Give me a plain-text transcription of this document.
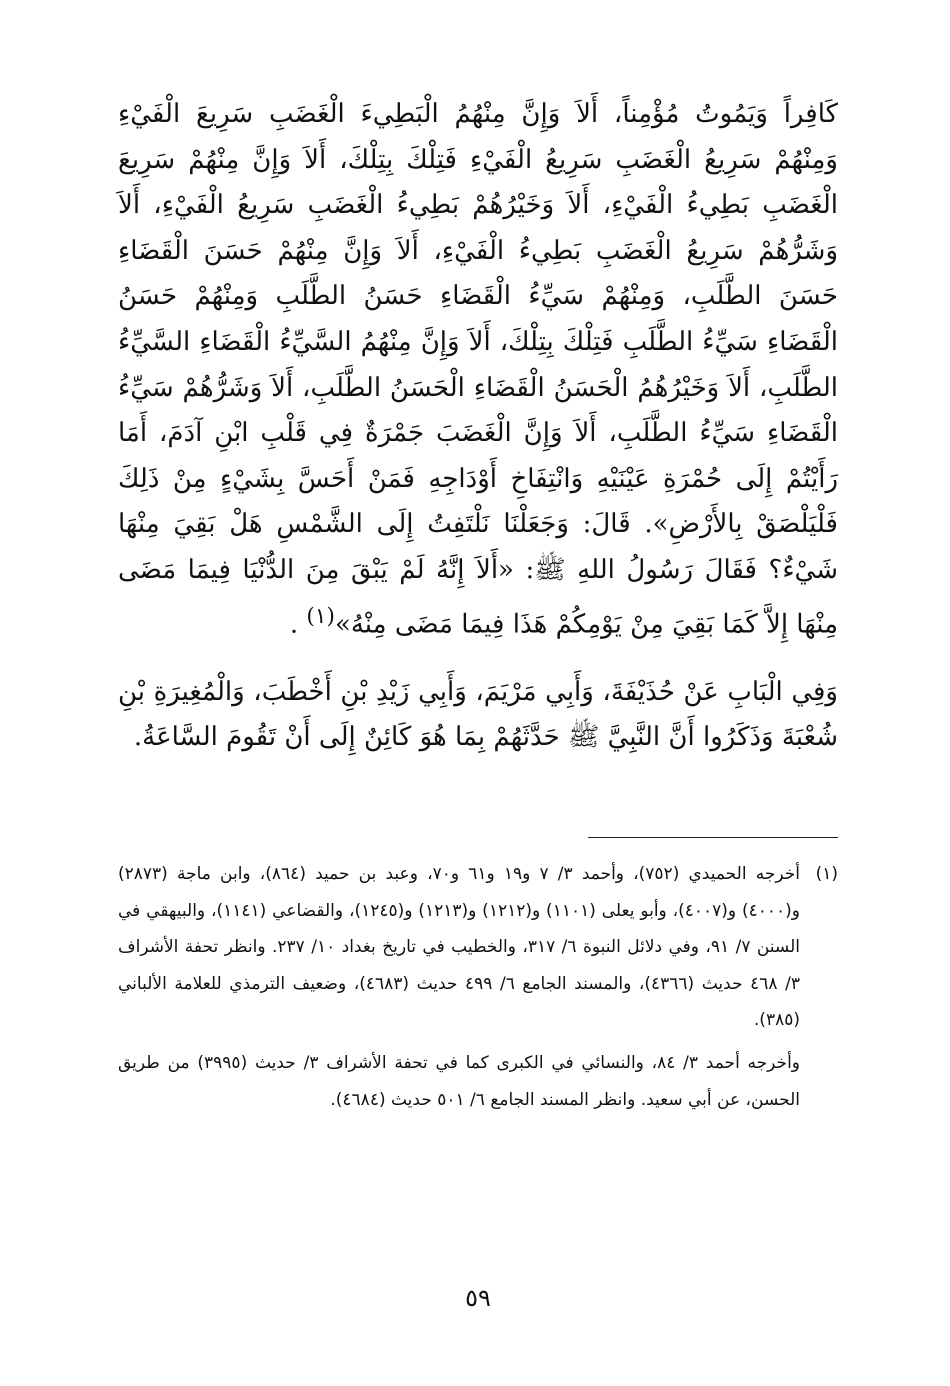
كَافِراً وَيَمُوتُ مُؤْمِناً، أَلاَ وَإِنَّ مِنْهُمُ الْبَطِيءَ الْغَضَبِ سَرِيعَ الْفَيْءِ وَمِنْهُمْ سَرِيعُ الْغَضَبِ سَرِيعُ الْفَيْءِ فَتِلْكَ بِتِلْكَ، أَلاَ وَإِنَّ مِنْهُمْ سَرِيعَ الْغَضَبِ بَطِيءُ الْفَيْءِ، أَلاَ وَخَيْرُهُمْ بَطِيءُ الْغَضَبِ سَرِيعُ الْفَيْءِ، أَلاَ وَشَرُّهُمْ سَرِيعُ الْغَضَبِ بَطِيءُ الْفَيْءِ، أَلاَ وَإِنَّ مِنْهُمْ حَسَنَ الْقَضَاءِ حَسَنَ الطَّلَبِ، وَمِنْهُمْ سَيِّءُ الْقَضَاءِ حَسَنُ الطَّلَبِ وَمِنْهُمْ حَسَنُ الْقَضَاءِ سَيِّءُ الطَّلَبِ فَتِلْكَ بِتِلْكَ، أَلاَ وَإِنَّ مِنْهُمُ السَّيِّءُ الْقَضَاءِ السَّيِّءُ الطَّلَبِ، أَلاَ وَخَيْرُهُمُ الْحَسَنُ الْقَضَاءِ الْحَسَنُ الطَّلَبِ، أَلاَ وَشَرُّهُمْ سَيِّءُ الْقَضَاءِ سَيِّءُ الطَّلَبِ، أَلاَ وَإِنَّ الْغَضَبَ جَمْرَةٌ فِي قَلْبِ ابْنِ آدَمَ، أَمَا رَأَيْتُمْ إِلَى حُمْرَةِ عَيْنَيْهِ وَانْتِفَاخِ أَوْدَاجِهِ فَمَنْ أَحَسَّ بِشَيْءٍ مِنْ ذَلِكَ فَلْيَلْصَقْ بِالأَرْضِ». قَالَ: وَجَعَلْنَا نَلْتَفِتُ إِلَى الشَّمْسِ هَلْ بَقِيَ مِنْهَا شَيْءٌ؟ فَقَالَ رَسُولُ اللهِ ﷺ: «أَلاَ إِنَّهُ لَمْ يَبْقَ مِنَ الدُّنْيَا فِيمَا مَضَى مِنْهَا إِلاَّ كَمَا بَقِيَ مِنْ يَوْمِكُمْ هَذَا فِيمَا مَضَى مِنْهُ»$^{(١)}$ .

وَفِي الْبَابِ عَنْ حُذَيْفَةَ، وَأَبِي مَرْيَمَ، وَأَبِي زَيْدِ بْنِ أَخْطَبَ، وَالْمُغِيرَةِ بْنِ شُعْبَةَ وَذَكَرُوا أَنَّ النَّبِيَّ ﷺ حَدَّثَهُمْ بِمَا هُوَ كَائِنٌ إِلَى أَنْ تَقُومَ السَّاعَةُ.

(١)
أخرجه الحميدي (٧٥٢)، وأحمد ٣/ ٧ و١٩ و٦١ و٧٠، وعبد بن حميد (٨٦٤)، وابن ماجة (٢٨٧٣) و(٤٠٠٠) و(٤٠٠٧)، وأبو يعلى (١١٠١) و(١٢١٢) و(١٢١٣) و(١٢٤٥)، والقضاعي (١١٤١)، والبيهقي في السنن ٧/ ٩١، وفي دلائل النبوة ٦/ ٣١٧، والخطيب في تاريخ بغداد ١٠/ ٢٣٧. وانظر تحفة الأشراف ٣/ ٤٦٨ حديث (٤٣٦٦)، والمسند الجامع ٦/ ٤٩٩ حديث (٤٦٨٣)، وضعيف الترمذي للعلامة الألباني (٣٨٥).
وأخرجه أحمد ٣/ ٨٤، والنسائي في الكبرى كما في تحفة الأشراف ٣/ حديث (٣٩٩٥) من طريق الحسن، عن أبي سعيد. وانظر المسند الجامع ٦/ ٥٠١ حديث (٤٦٨٤).
٥٩
